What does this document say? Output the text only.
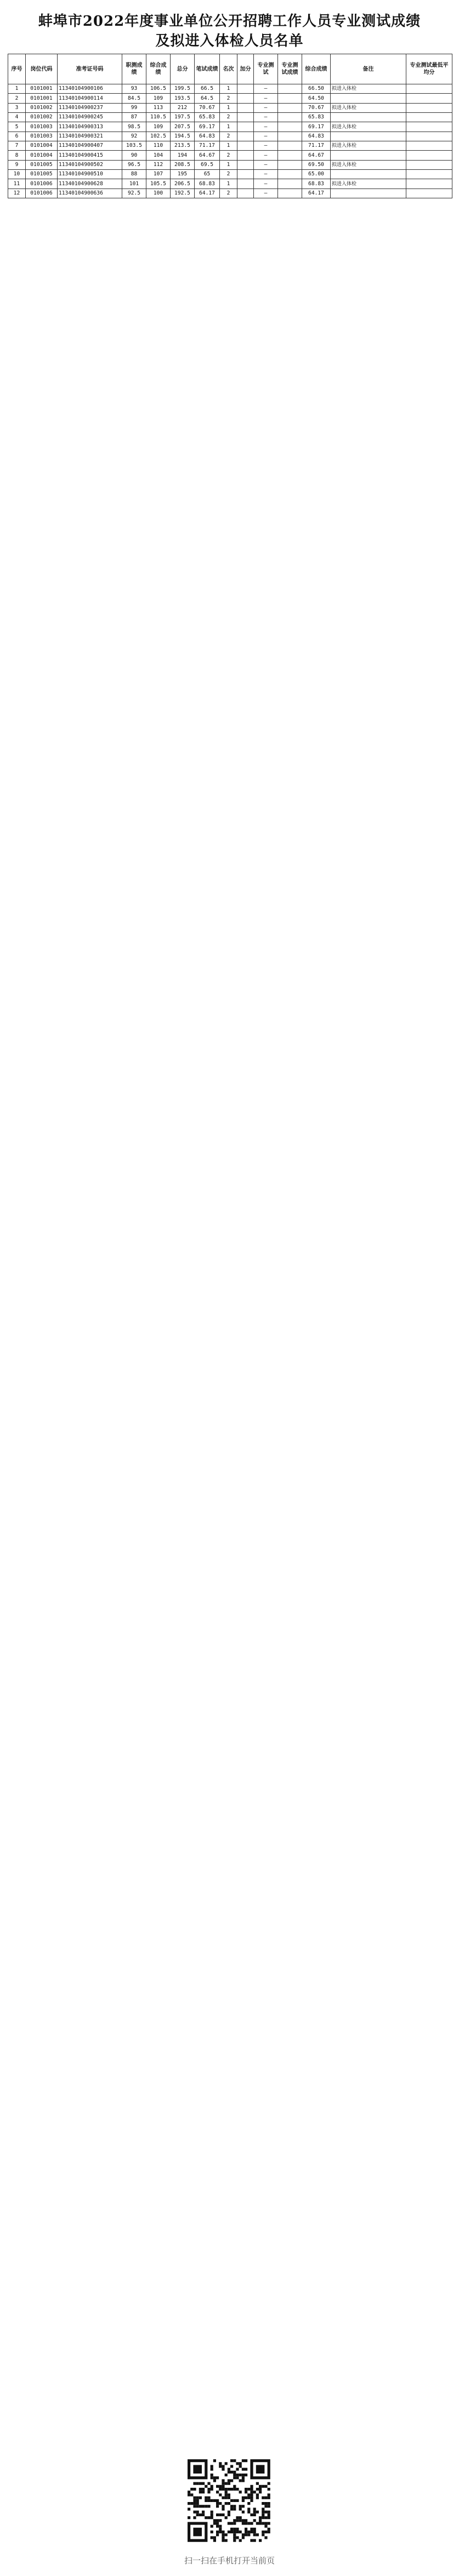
蚌埠市2022年度事业单位公开招聘工作人员专业测试成绩
及拟进入体检人员名单
序号	岗位代码	准考证号码	职测成绩	综合成绩	总分	笔试成绩	名次	加分	专业测试	专业测试成绩	综合成绩	备注	专业测试最低平均分
1	0101001	11340104900106	93	106.5	199.5	66.5	1		—		66.50	拟进入体检	
2	0101001	11340104900114	84.5	109	193.5	64.5	2		—		64.50		
3	0101002	11340104900237	99	113	212	70.67	1		—		70.67	拟进入体检	
4	0101002	11340104900245	87	110.5	197.5	65.83	2		—		65.83		
5	0101003	11340104900313	98.5	109	207.5	69.17	1		—		69.17	拟进入体检	
6	0101003	11340104900321	92	102.5	194.5	64.83	2		—		64.83		
7	0101004	11340104900407	103.5	110	213.5	71.17	1		—		71.17	拟进入体检	
8	0101004	11340104900415	90	104	194	64.67	2		—		64.67		
9	0101005	11340104900502	96.5	112	208.5	69.5	1		—		69.50	拟进入体检	
10	0101005	11340104900510	88	107	195	65	2		—		65.00		
11	0101006	11340104900628	101	105.5	206.5	68.83	1		—		68.83	拟进入体检	
12	0101006	11340104900636	92.5	100	192.5	64.17	2		—		64.17		
扫一扫在手机打开当前页
